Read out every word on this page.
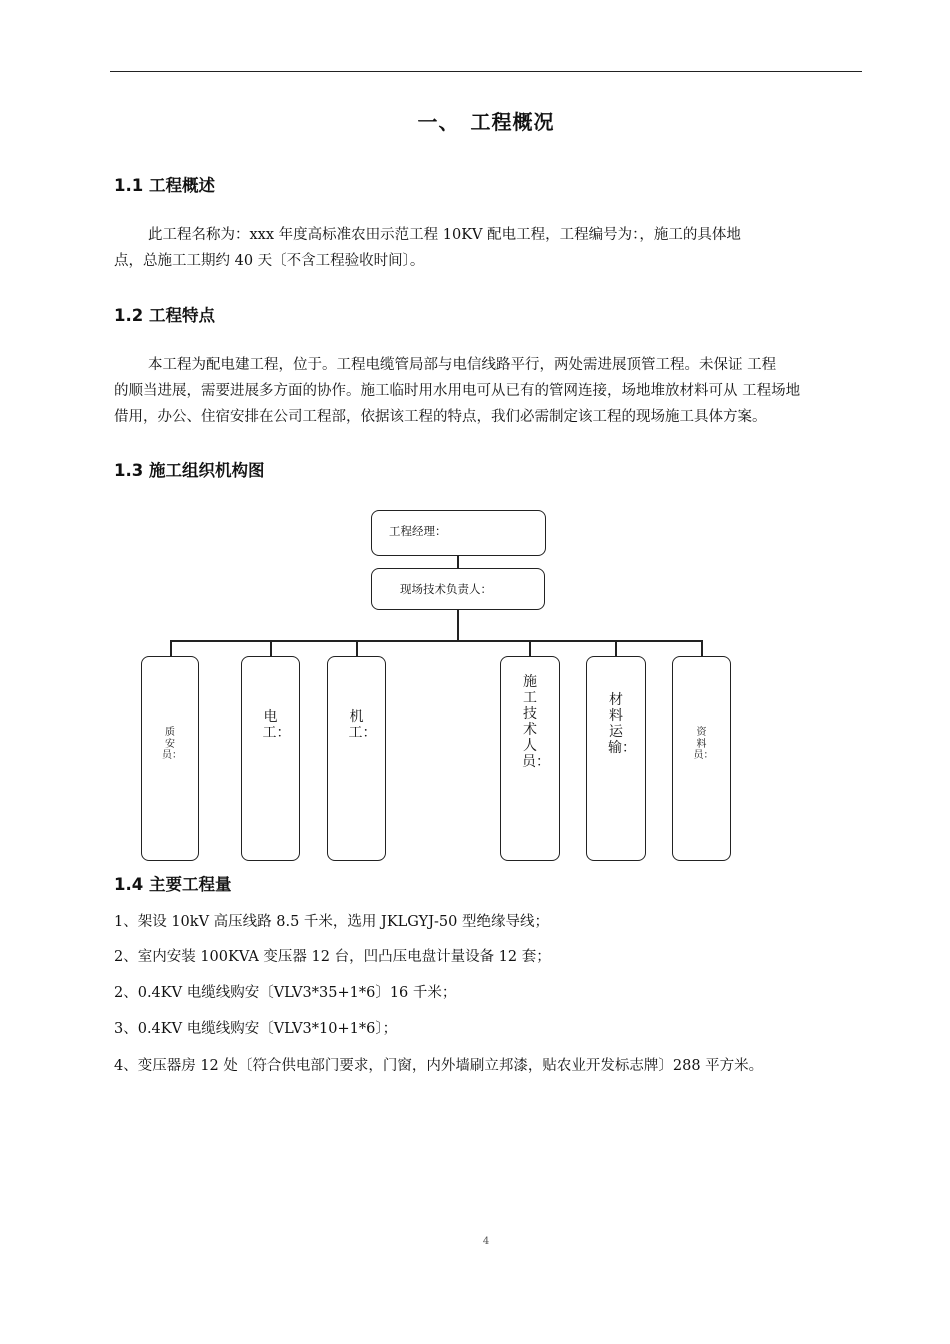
一、　工程概况
1.1 工程概述
此工程名称为：xxx 年度高标准农田示范工程 10KV 配电工程，工程编号为：，施工的具体地
点，总施工工期约 40 天〔不含工程验收时间〕。
1.2 工程特点
本工程为配电建工程，位于。工程电缆管局部与电信线路平行，两处需进展顶管工程。未保证 工程
的顺当进展，需要进展多方面的协作。施工临时用水用电可从已有的管网连接，场地堆放材料可从 工程场地
借用，办公、住宿安排在公司工程部，依据该工程的特点，我们必需制定该工程的现场施工具体方案。
1.3 施工组织机构图
工程经理：
现场技术负责人：
质安员：
电工：
机工：
施工技术人员：
材料运输：
资料员：
1.4 主要工程量
1、架设 10kV 高压线路 8.5 千米，选用 JKLGYJ-50 型绝缘导线；
2、室内安装 100KVA 变压器 12 台，凹凸压电盘计量设备 12 套；
2、0.4KV 电缆线购安〔VLV3*35+1*6〕16 千米；
3、0.4KV 电缆线购安〔VLV3*10+1*6〕；
4、变压器房 12 处〔符合供电部门要求，门窗，内外墙刷立邦漆，贴农业开发标志牌〕288 平方米。
4
